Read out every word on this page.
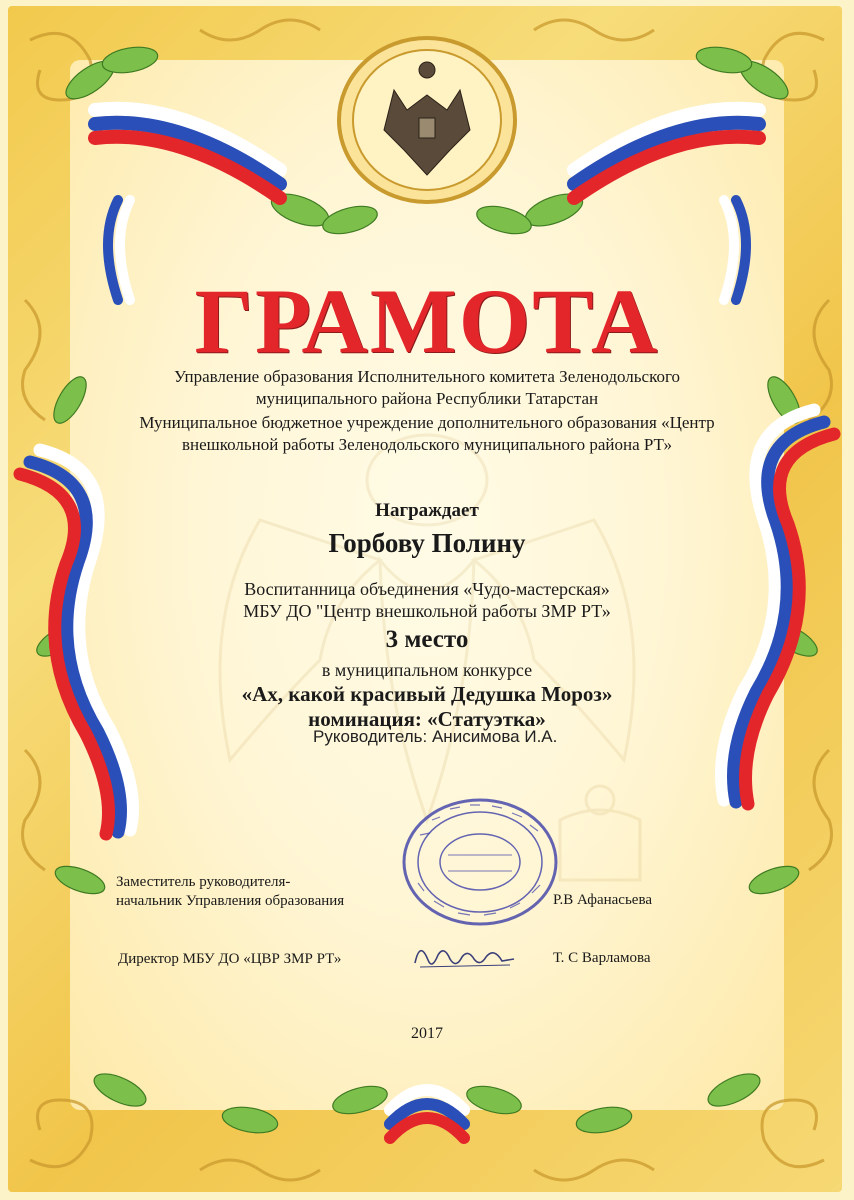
ГРАМОТА
Управление образования Исполнительного комитета Зеленодольского
муниципального района Республики Татарстан
Муниципальное бюджетное учреждение дополнительного образования «Центр
внешкольной работы Зеленодольского муниципального района РТ»
Награждает
Горбову Полину
Воспитанница объединения «Чудо-мастерская»
МБУ ДО "Центр внешкольной работы ЗМР РТ»
3 место
в муниципальном конкурсе
«Ах, какой красивый Дедушка Мороз»
номинация: «Статуэтка»
Руководитель: Анисимова И.А.
Заместитель руководителя-
начальник Управления образования	Р.В Афанасьева
Директор МБУ ДО «ЦВР ЗМР РТ»	Т. С Варламова
2017
